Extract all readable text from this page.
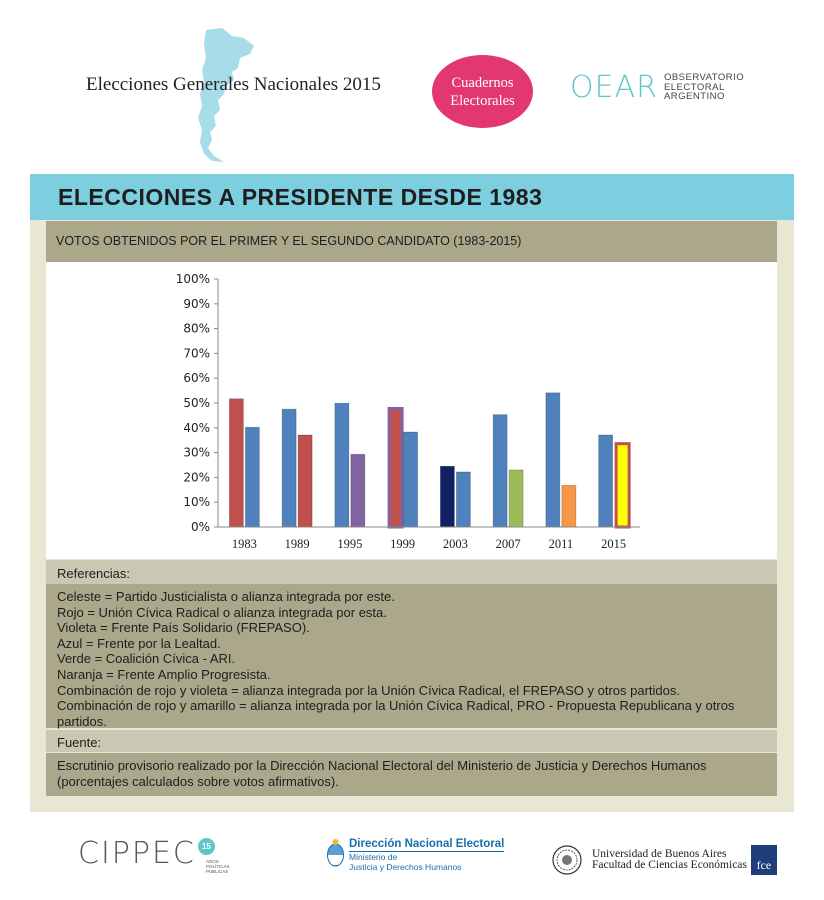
Elecciones Generales Nacionales 2015	Cuadernos
Electorales	OEAR OBSERVATORIO
ELECTORAL
ARGENTINO
ELECCIONES A PRESIDENTE DESDE 1983
VOTOS OBTENIDOS POR EL PRIMER Y EL SEGUNDO CANDIDATO (1983-2015)
0%
10%
20%
30%
40%
50%
60%
70%
80%
90%
100%
1983 1989 1995 1999 2003 2007 2011 2015
Referencias:
Celeste = Partido Justicialista o alianza integrada por este.
Rojo = Unión Cívica Radical o alianza integrada por esta.
Violeta = Frente País Solidario (FREPASO).
Azul = Frente por la Lealtad.
Verde = Coalición Cívica - ARI.
Naranja = Frente Amplio Progresista.
Combinación de rojo y violeta = alianza integrada por la Unión Cívica Radical, el FREPASO y otros partidos.
Combinación de rojo y amarillo = alianza integrada por la Unión Cívica Radical, PRO - Propuesta Republicana y otros partidos.
Fuente:
Escrutinio provisorio realizado por la Dirección Nacional Electoral del Ministerio de Justicia y Derechos Humanos (porcentajes calculados sobre votos afirmativos).
CIPPEC 15
AÑOS POLÍTICAS PÚBLICAS
Dirección Nacional Electoral
Ministerio de
Justicia y Derechos Humanos
Universidad de Buenos Aires
Facultad de Ciencias Económicas fce
